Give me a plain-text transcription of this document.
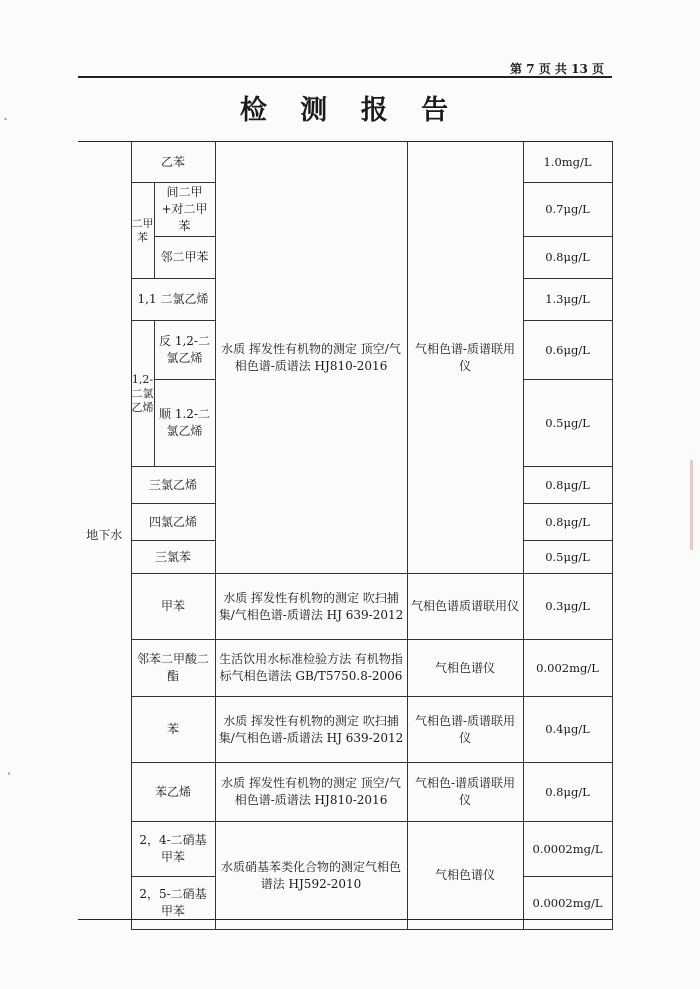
第 7 页 共 13 页
检 测 报 告
地下水	乙苯		水质 挥发性有机物的测定 顶空/气相色谱-质谱法 HJ810-2016	气相色谱-质谱联用仪	1.0mg/L
	二甲苯	间二甲+对二甲苯			0.7μg/L
		邻二甲苯			0.8μg/L
	1,1 二氯乙烯				1.3μg/L
	1,2-二氯乙烯	反 1,2-二氯乙烯			0.6μg/L
		顺 1.2-二氯乙烯			0.5μg/L
	三氯乙烯				0.8μg/L
	四氯乙烯				0.8μg/L
	三氯苯				0.5μg/L
	甲苯		水质 挥发性有机物的测定 吹扫捕集/气相色谱-质谱法 HJ 639-2012	气相色谱质谱联用仪	0.3μg/L
	邻苯二甲酸二酯		生活饮用水标准检验方法 有机物指标气相色谱法 GB/T5750.8-2006	气相色谱仪	0.002mg/L
	苯		水质 挥发性有机物的测定 吹扫捕集/气相色谱-质谱法 HJ 639-2012	气相色谱-质谱联用仪	0.4μg/L
	苯乙烯		水质 挥发性有机物的测定 顶空/气相色谱-质谱法 HJ810-2016	气相色-谱质谱联用仪	0.8μg/L
	2，4-二硝基甲苯		水质硝基苯类化合物的测定气相色谱法 HJ592-2010	气相色谱仪	0.0002mg/L
	2，5-二硝基甲苯				0.0002mg/L
